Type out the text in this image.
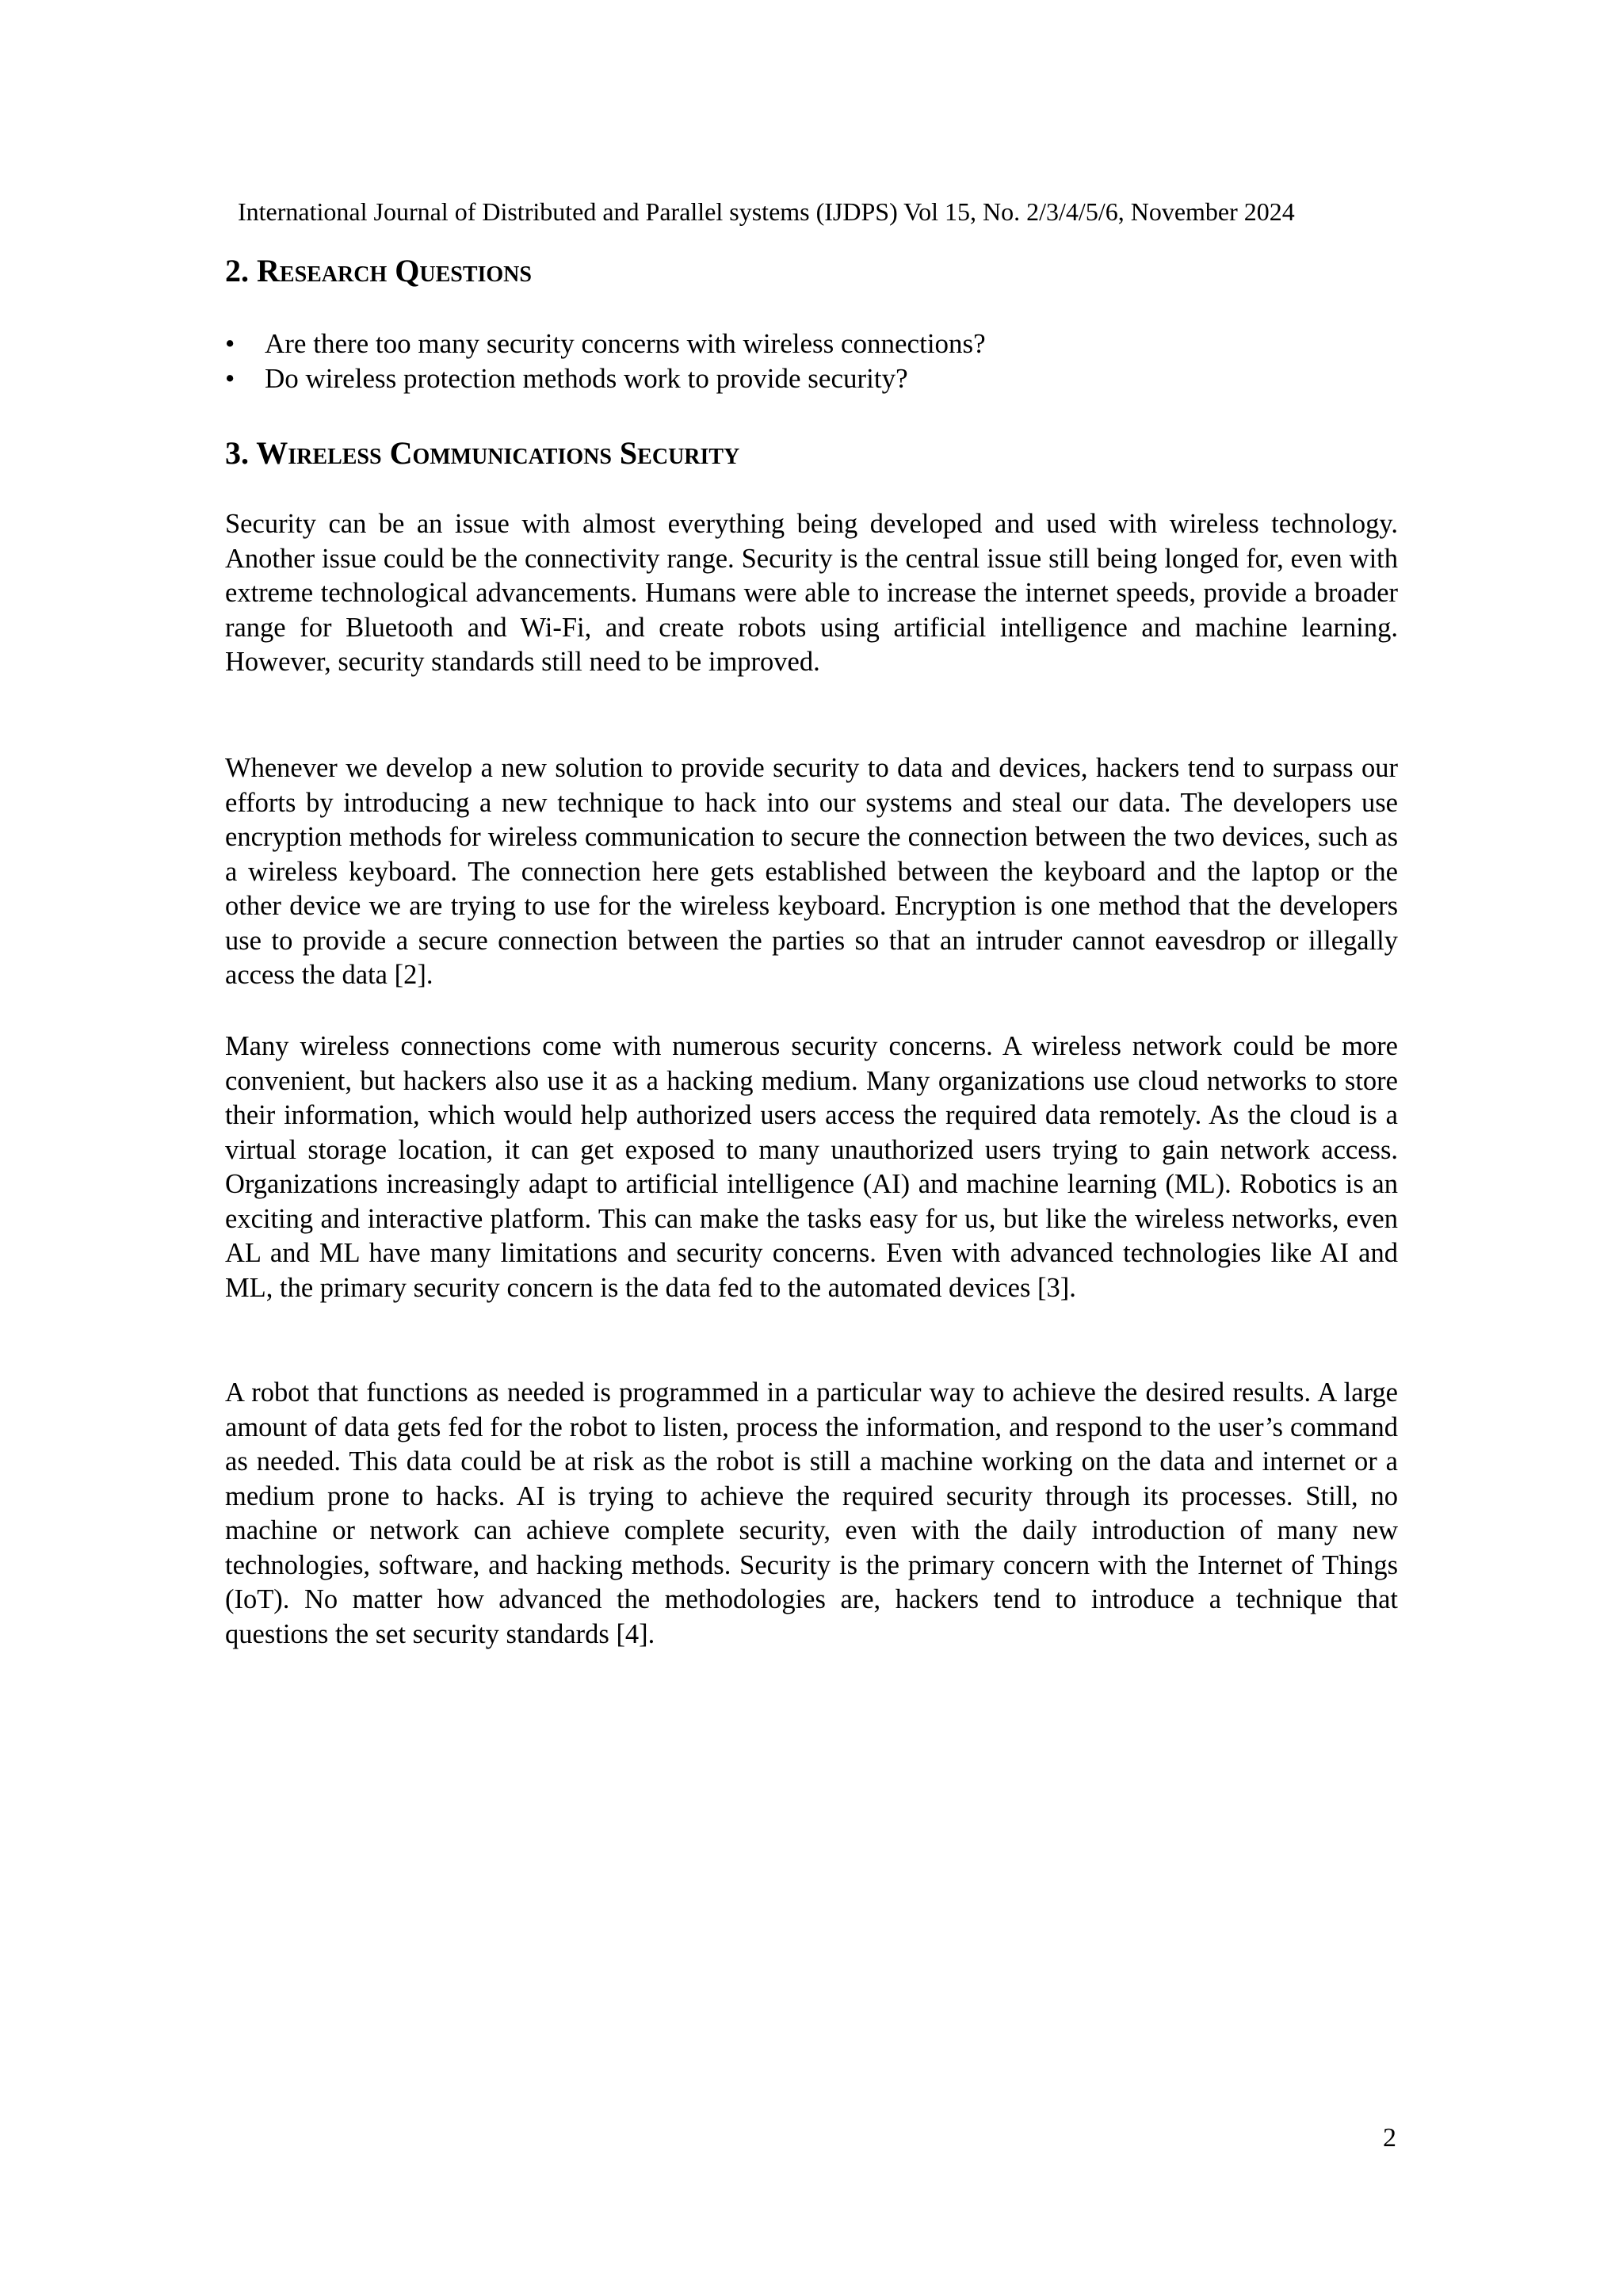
International Journal of Distributed and Parallel systems (IJDPS) Vol 15, No. 2/3/4/5/6, November 2024
2. Research Questions
• Are there too many security concerns with wireless connections?
• Do wireless protection methods work to provide security?
3. Wireless Communications Security

Security can be an issue with almost everything being developed and used with wireless technology. Another issue could be the connectivity range. Security is the central issue still being longed for, even with extreme technological advancements. Humans were able to increase the internet speeds, provide a broader range for Bluetooth and Wi-Fi, and create robots using artificial intelligence and machine learning. However, security standards still need to be improved.

Whenever we develop a new solution to provide security to data and devices, hackers tend to surpass our efforts by introducing a new technique to hack into our systems and steal our data. The developers use encryption methods for wireless communication to secure the connection between the two devices, such as a wireless keyboard. The connection here gets established between the keyboard and the laptop or the other device we are trying to use for the wireless keyboard. Encryption is one method that the developers use to provide a secure connection between the parties so that an intruder cannot eavesdrop or illegally access the data [2].

Many wireless connections come with numerous security concerns. A wireless network could be more convenient, but hackers also use it as a hacking medium. Many organizations use cloud networks to store their information, which would help authorized users access the required data remotely. As the cloud is a virtual storage location, it can get exposed to many unauthorized users trying to gain network access. Organizations increasingly adapt to artificial intelligence (AI) and machine learning (ML). Robotics is an exciting and interactive platform. This can make the tasks easy for us, but like the wireless networks, even AL and ML have many limitations and security concerns. Even with advanced technologies like AI and ML, the primary security concern is the data fed to the automated devices [3].

A robot that functions as needed is programmed in a particular way to achieve the desired results. A large amount of data gets fed for the robot to listen, process the information, and respond to the user’s command as needed. This data could be at risk as the robot is still a machine working on the data and internet or a medium prone to hacks. AI is trying to achieve the required security through its processes. Still, no machine or network can achieve complete security, even with the daily introduction of many new technologies, software, and hacking methods. Security is the primary concern with the Internet of Things (IoT). No matter how advanced the methodologies are, hackers tend to introduce a technique that questions the set security standards [4].

2
